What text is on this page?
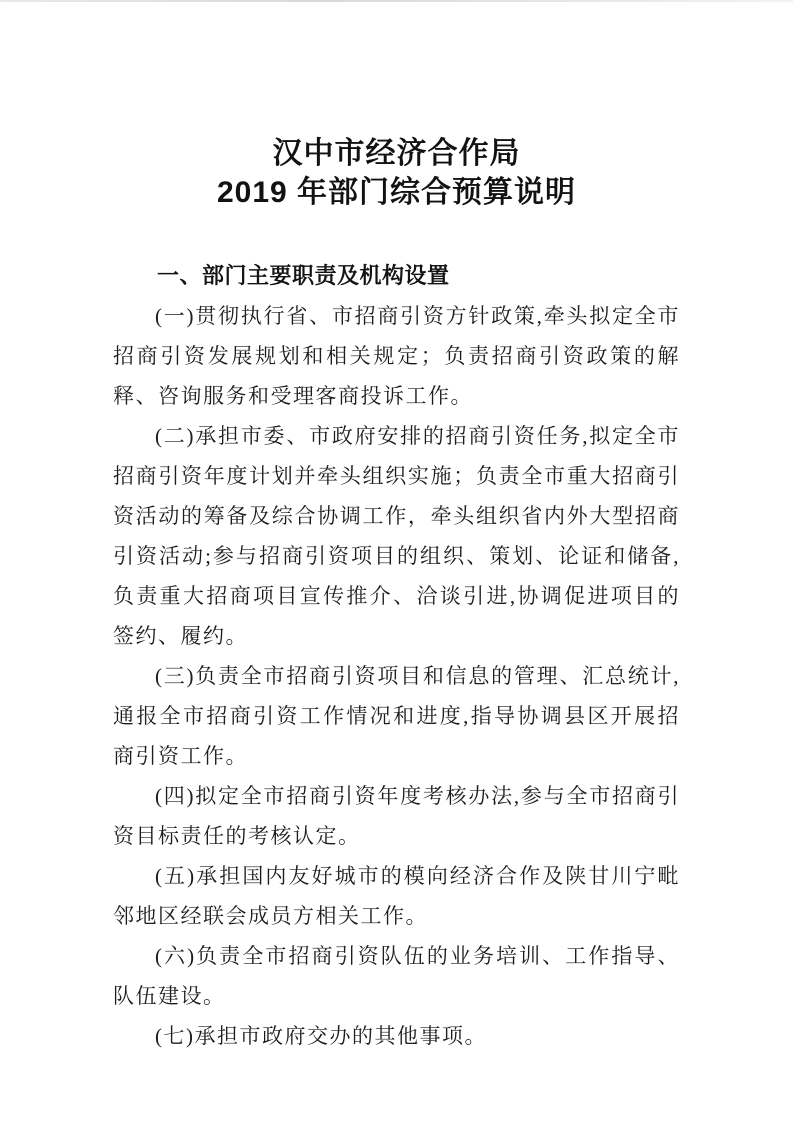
汉中市经济合作局
2019 年部门综合预算说明
一、部门主要职责及机构设置

(一)贯彻执行省、市招商引资方针政策,牵头拟定全市招商引资发展规划和相关规定；负责招商引资政策的解释、咨询服务和受理客商投诉工作。

(二)承担市委、市政府安排的招商引资任务,拟定全市招商引资年度计划并牵头组织实施；负责全市重大招商引资活动的筹备及综合协调工作，牵头组织省内外大型招商引资活动;参与招商引资项目的组织、策划、论证和储备,负责重大招商项目宣传推介、洽谈引进,协调促进项目的签约、履约。

(三)负责全市招商引资项目和信息的管理、汇总统计,通报全市招商引资工作情况和进度,指导协调县区开展招商引资工作。

(四)拟定全市招商引资年度考核办法,参与全市招商引资目标责任的考核认定。

(五)承担国内友好城市的模向经济合作及陕甘川宁毗邻地区经联会成员方相关工作。

(六)负责全市招商引资队伍的业务培训、工作指导、队伍建设。

(七)承担市政府交办的其他事项。
